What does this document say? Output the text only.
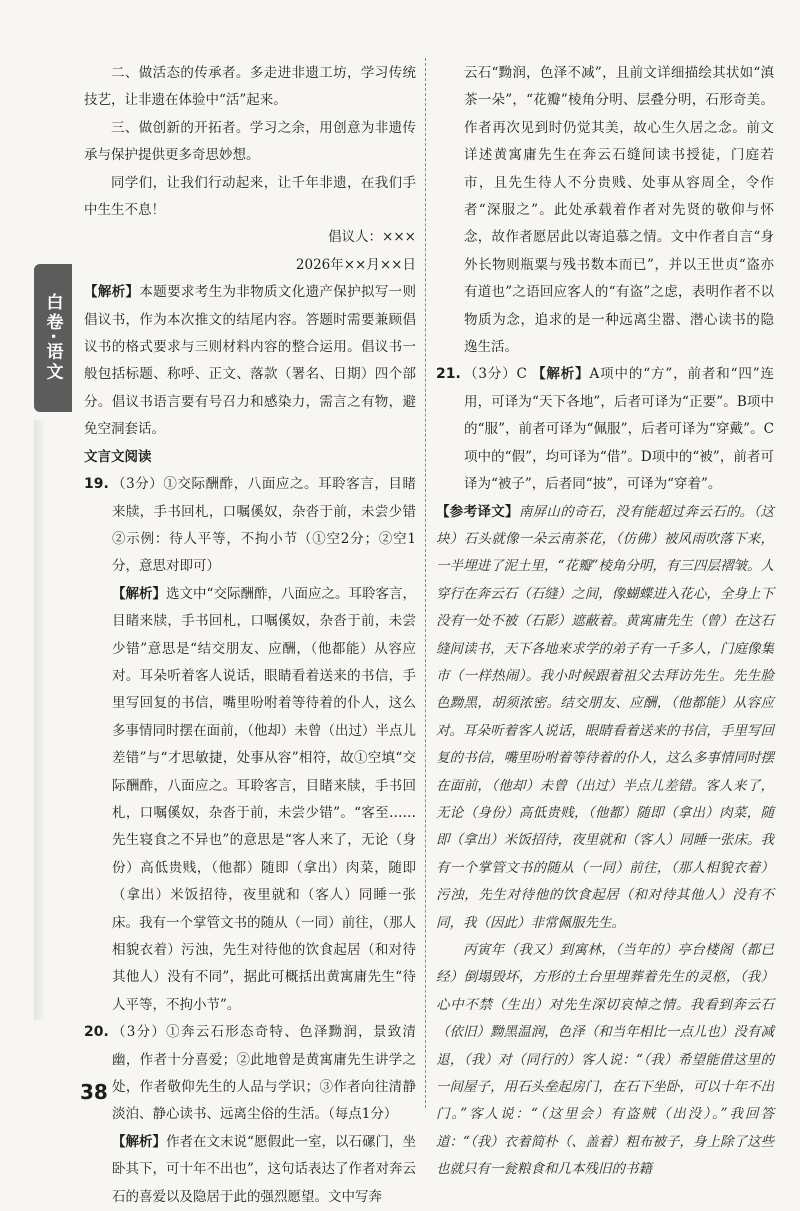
白卷·语文

二、做活态的传承者。多走进非遗工坊，学习传统技艺，让非遗在体验中“活”起来。

三、做创新的开拓者。学习之余，用创意为非遗传承与保护提供更多奇思妙想。

同学们，让我们行动起来，让千年非遗，在我们手中生生不息！

倡议人：×××

2026年××月××日

【解析】本题要求考生为非物质文化遗产保护拟写一则倡议书，作为本次推文的结尾内容。答题时需要兼顾倡议书的格式要求与三则材料内容的整合运用。倡议书一般包括标题、称呼、正文、落款（署名、日期）四个部分。倡议书语言要有号召力和感染力，需言之有物，避免空洞套话。

文言文阅读

19. （3分）①交际酬酢，八面应之。耳聆客言，目睹来牍，手书回札，口嘱傒奴，杂沓于前，未尝少错　②示例：待人平等，不拘小节（①空2分；②空1分，意思对即可）

【解析】选文中“交际酬酢，八面应之。耳聆客言，目睹来牍，手书回札，口嘱傒奴，杂沓于前，未尝少错”意思是“结交朋友、应酬，（他都能）从容应对。耳朵听着客人说话，眼睛看着送来的书信，手里写回复的书信，嘴里吩咐着等待着的仆人，这么多事情同时摆在面前，（他却）未曾（出过）半点儿差错”与“才思敏捷，处事从容”相符，故①空填“交际酬酢，八面应之。耳聆客言，目睹来牍，手书回札，口嘱傒奴，杂沓于前，未尝少错”。“客至……先生寝食之不异也”的意思是“客人来了，无论（身份）高低贵贱，（他都）随即（拿出）肉菜，随即（拿出）米饭招待，夜里就和（客人）同睡一张床。我有一个掌管文书的随从（一同）前往，（那人相貌衣着）污浊，先生对待他的饮食起居（和对待其他人）没有不同”，据此可概括出黄寓庸先生“待人平等，不拘小节”。

20. （3分）①奔云石形态奇特、色泽黝润，景致清幽，作者十分喜爱；②此地曾是黄寓庸先生讲学之处，作者敬仰先生的人品与学识；③作者向往清静淡泊、静心读书、远离尘俗的生活。（每点1分）

【解析】作者在文末说“愿假此一室，以石磥门，坐卧其下，可十年不出也”，这句话表达了作者对奔云石的喜爱以及隐居于此的强烈愿望。文中写奔

云石“黝润，色泽不减”，且前文详细描绘其状如“滇茶一朵”，“花瓣”棱角分明、层叠分明，石形奇美。作者再次见到时仍觉其美，故心生久居之念。前文详述黄寓庸先生在奔云石缝间读书授徒，门庭若市，且先生待人不分贵贱、处事从容周全，令作者“深服之”。此处承载着作者对先贤的敬仰与怀念，故作者愿居此以寄追慕之情。文中作者自言“身外长物则瓶粟与残书数本而已”，并以王世贞“盗亦有道也”之语回应客人的“有盗”之虑，表明作者不以物质为念，追求的是一种远离尘嚣、潜心读书的隐逸生活。

21. （3分）C 【解析】A项中的“方”，前者和“四”连用，可译为“天下各地”，后者可译为“正要”。B项中的“服”，前者可译为“佩服”，后者可译为“穿戴”。C项中的“假”，均可译为“借”。D项中的“被”，前者可译为“被子”，后者同“披”，可译为“穿着”。

【参考译文】南屏山的奇石，没有能超过奔云石的。（这块）石头就像一朵云南茶花，（仿佛）被风雨吹落下来，一半埋进了泥土里，“花瓣”棱角分明，有三四层褶皱。人穿行在奔云石（石缝）之间，像蝴蝶进入花心，全身上下没有一处不被（石影）遮蔽着。黄寓庸先生（曾）在这石缝间读书，天下各地来求学的弟子有一千多人，门庭像集市（一样热闹）。我小时候跟着祖父去拜访先生。先生脸色黝黑，胡须浓密。结交朋友、应酬，（他都能）从容应对。耳朵听着客人说话，眼睛看着送来的书信，手里写回复的书信，嘴里吩咐着等待着的仆人，这么多事情同时摆在面前，（他却）未曾（出过）半点儿差错。客人来了，无论（身份）高低贵贱，（他都）随即（拿出）肉菜，随即（拿出）米饭招待，夜里就和（客人）同睡一张床。我有一个掌管文书的随从（一同）前往，（那人相貌衣着）污浊，先生对待他的饮食起居（和对待其他人）没有不同，我（因此）非常佩服先生。

丙寅年（我又）到寓林，（当年的）亭台楼阁（都已经）倒塌毁坏，方形的土台里埋葬着先生的灵柩，（我）心中不禁（生出）对先生深切哀悼之情。我看到奔云石（依旧）黝黑温润，色泽（和当年相比一点儿也）没有减退，（我）对（同行的）客人说：“（我）希望能借这里的一间屋子，用石头垒起房门，在石下坐卧，可以十年不出门。”客人说：“（这里会）有盗贼（出没）。”我回答道：“（我）衣着简朴（、盖着）粗布被子，身上除了这些也就只有一瓮粮食和几本残旧的书籍

38
